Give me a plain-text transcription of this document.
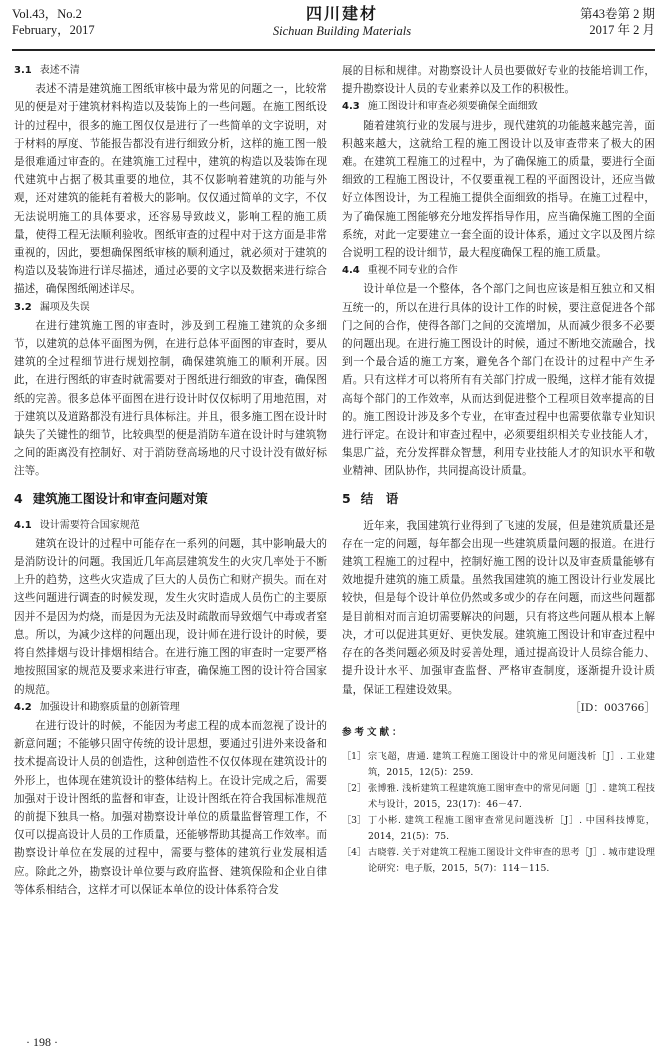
Vol.43，No.2
February，2017
四川建材
Sichuan Building Materials
第43卷第 2 期
2017 年 2 月
3.1 表述不清

表述不清是建筑施工图纸审核中最为常见的问题之一，比较常见的便是对于建筑材料构造以及装饰上的一些问题。在施工图纸设计的过程中，很多的施工图仅仅是进行了一些简单的文字说明，对于材料的厚度、节能报告都没有进行细致分析，这样的施工图一般是很难通过审查的。在建筑施工过程中，建筑的构造以及装饰在现代建筑中占据了极其重要的地位，其不仅影响着建筑的功能与外观，还对建筑的能耗有着极大的影响。仅仅通过简单的文字，不仅无法说明施工的具体要求，还容易导致歧义，影响工程的施工质量，使得工程无法顺利验收。图纸审查的过程中对于这方面是非常重视的，因此，要想确保图纸审核的顺利通过，就必须对于建筑的构造以及装饰进行详尽描述，通过必要的文字以及数据来进行综合描述，确保图纸阐述详尽。

3.2 漏项及失误

在进行建筑施工图的审查时，涉及到工程施工建筑的众多细节，以建筑的总体平面图为例，在进行总体平面图的审查时，要从建筑的全过程细节进行规划控制，确保建筑施工的顺利开展。因此，在进行图纸的审查时就需要对于图纸进行细致的审查，确保图纸的完善。很多总体平面图在进行设计时仅仅标明了用地范围，对于建筑以及道路都没有进行具体标注。并且，很多施工图在设计时缺失了关键性的细节，比较典型的便是消防车道在设计时与建筑物之间的距离没有控制好、对于消防登高场地的尺寸设计没有做好标注等。

4 建筑施工图设计和审查问题对策
4.1 设计需要符合国家规范

建筑在设计的过程中可能存在一系列的问题，其中影响最大的是消防设计的问题。我国近几年高层建筑发生的火灾几率处于不断上升的趋势，这些火灾造成了巨大的人员伤亡和财产损失。而在对这些问题进行调查的时候发现，发生火灾时造成人员伤亡的主要原因并不是因为灼烧，而是因为无法及时疏散而导致烟气中毒或者窒息。所以，为减少这样的问题出现，设计师在进行设计的时候，要将自然排烟与设计排烟相结合。在进行施工图的审查时一定要严格地按照国家的规范及要求来进行审查，确保施工图的设计符合国家的规范。

4.2 加强设计和勘察质量的创新管理

在进行设计的时候，不能因为考虑工程的成本而忽视了设计的新意问题；不能够只固守传统的设计思想，要通过引进外来设备和技术提高设计人员的创造性，这种创造性不仅仅体现在建筑设计的外形上，也体现在建筑设计的整体结构上。在设计完成之后，需要加强对于设计图纸的监督和审查，让设计图纸在符合我国标准规范的前提下独具一格。加强对勘察设计单位的质量监督管理工作，不仅可以提高设计人员的工作质量，还能够帮助其提高工作效率。而勘察设计单位在发展的过程中，需要与整体的建筑行业发展相适应。除此之外，勘察设计单位要与政府监督、建筑保险和企业自律等体系相结合，这样才可以保证本单位的设计体系符合发

展的目标和规律。对勘察设计人员也要做好专业的技能培训工作，提升勘察设计人员的专业素养以及工作的积极性。

4.3 施工图设计和审查必须要确保全面细致

随着建筑行业的发展与进步，现代建筑的功能越来越完善，面积越来越大，这就给工程的施工图设计以及审查带来了极大的困难。在建筑工程施工的过程中，为了确保施工的质量，要进行全面细致的工程施工图设计，不仅要重视工程的平面图设计，还应当做好立体图设计，为工程施工提供全面细致的指导。在施工过程中，为了确保施工图能够充分地发挥指导作用，应当确保施工图的全面系统，对此一定要建立一套全面的设计体系，通过文字以及图片综合说明工程的设计细节，最大程度确保工程的施工质量。

4.4 重视不同专业的合作

设计单位是一个整体，各个部门之间也应该是相互独立和又相互统一的，所以在进行具体的设计工作的时候，要注意促进各个部门之间的合作，使得各部门之间的交流增加，从而减少很多不必要的问题出现。在进行施工图设计的时候，通过不断地交流融合，找到一个最合适的施工方案，避免各个部门在设计的过程中产生矛盾。只有这样才可以将所有有关部门拧成一股绳，这样才能有效提高每个部门的工作效率，从而达到促进整个工程项目效率提高的目的。施工图设计涉及多个专业，在审查过程中也需要依靠专业知识进行评定。在设计和审查过程中，必须要组织相关专业技能人才，集思广益，充分发挥群众智慧，利用专业技能人才的知识水平和敬业精神、团队协作，共同提高设计质量。

5 结　语

近年来，我国建筑行业得到了飞速的发展，但是建筑质量还是存在一定的问题，每年都会出现一些建筑质量问题的报道。在进行建筑工程施工的过程中，控制好施工图的设计以及审查质量能够有效地提升建筑的施工质量。虽然我国建筑的施工图设计行业发展比较快，但是每个设计单位仍然或多或少的存在问题，而这些问题都是目前相对而言迫切需要解决的问题，只有将这些问题从根本上解决，才可以促进其更好、更快发展。建筑施工图设计和审查过程中存在的各类问题必须及时妥善处理，通过提高设计人员综合能力、提升设计水平、加强审查监督、严格审查制度，逐渐提升设计质量，保证工程建设效果。

［ID：003766］

参考文献：
［1］ 宗飞超，唐通. 建筑工程施工图设计中的常见问题浅析［J］. 工业建筑，2015，12(5)：259.
［2］ 张博雅. 浅析建筑工程建筑施工图审查中的常见问题［J］. 建筑工程技术与设计，2015，23(17)：46－47.
［3］ 丁小彬. 建筑工程施工图审查常见问题浅析［J］. 中国科技博览，2014，21(5)：75.
［4］ 古晓蓉. 关于对建筑工程施工图设计文件审查的思考［J］. 城市建设理论研究：电子版，2015，5(7)：114－115.
· 198 ·
